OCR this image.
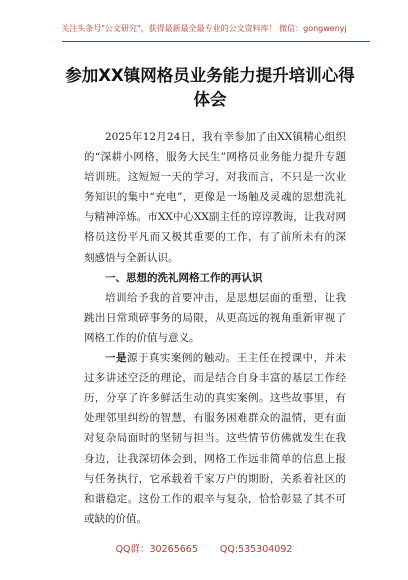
关注头条号"公文研究"，获得最新最全最专业的公文资料库！ 微信：gongwenyj
参加XX镇网格员业务能力提升培训心得体会

2025年12月24日，我有幸参加了由XX镇精心组织的“深耕小网格，服务大民生”网格员业务能力提升专题培训班。这短短一天的学习，对我而言，不只是一次业务知识的集中“充电”，更像是一场触及灵魂的思想洗礼与精神淬炼。市XX中心XX副主任的谆谆教诲，让我对网格员这份平凡而又极其重要的工作，有了前所未有的深刻感悟与全新认识。

一、思想的洗礼网格工作的再认识

培训给予我的首要冲击，是思想层面的重塑，让我跳出日常琐碎事务的局限，从更高远的视角重新审视了网格工作的价值与意义。

一是源于真实案例的触动。王主任在授课中，并未过多讲述空泛的理论，而是结合自身丰富的基层工作经历，分享了许多鲜活生动的真实案例。这些故事里，有处理邻里纠纷的智慧，有服务困难群众的温情，更有面对复杂局面时的坚韧与担当。这些情节仿佛就发生在我身边，让我深切体会到，网格工作远非简单的信息上报与任务执行，它承载着千家万户的期盼，关系着社区的和谐稳定。这份工作的艰辛与复杂，恰恰彰显了其不可或缺的价值。

QQ群：30265665 QQ:535304092
